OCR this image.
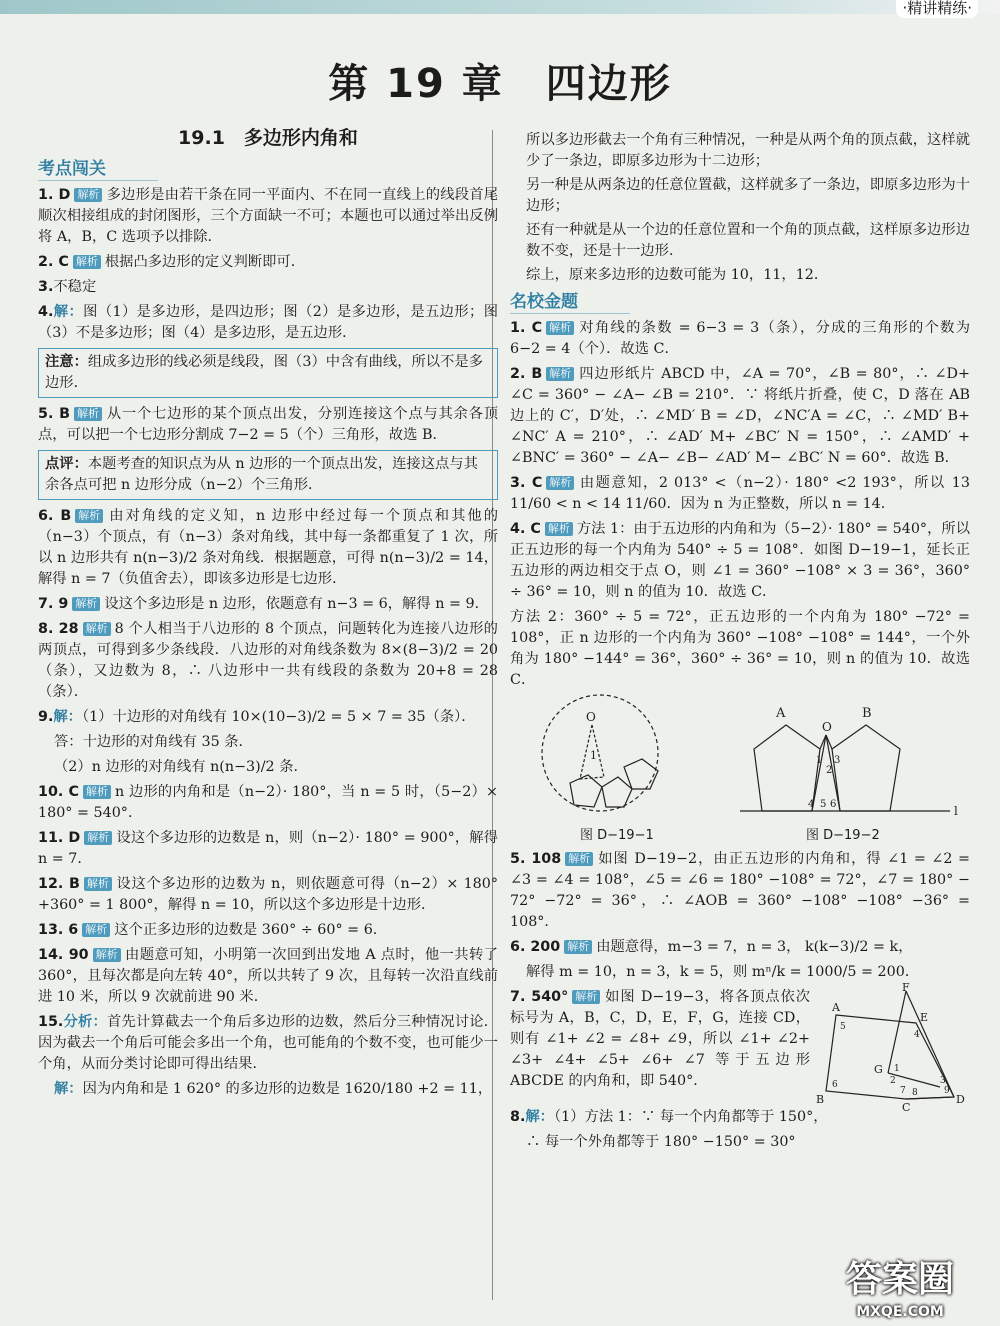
·精讲精练·
第 19 章　四边形
19.1　多边形内角和
考点闯关

1. D 解析 多边形是由若干条在同一平面内、不在同一直线上的线段首尾顺次相接组成的封闭图形，三个方面缺一不可；本题也可以通过举出反例将 A，B，C 选项予以排除．

2. C 解析 根据凸多边形的定义判断即可．

3.不稳定

4.解：图（1）是多边形，是四边形；图（2）是多边形，是五边形；图（3）不是多边形；图（4）是多边形，是五边形．

注意：组成多边形的线必须是线段，图（3）中含有曲线，所以不是多边形．

5. B 解析 从一个七边形的某个顶点出发，分别连接这个点与其余各顶点，可以把一个七边形分割成 7−2 = 5（个）三角形，故选 B．

点评：本题考查的知识点为从 n 边形的一个顶点出发，连接这点与其余各点可把 n 边形分成（n−2）个三角形．

6. B 解析 由对角线的定义知，n 边形中经过每一个顶点和其他的（n−3）个顶点，有（n−3）条对角线，其中每一条都重复了 1 次，所以 n 边形共有 n(n−3)/2 条对角线．根据题意，可得 n(n−3)/2 = 14，解得 n = 7（负值舍去），即该多边形是七边形．

7. 9 解析 设这个多边形是 n 边形，依题意有 n−3 = 6，解得 n = 9．

8. 28 解析 8 个人相当于八边形的 8 个顶点，问题转化为连接八边形的两顶点，可得到多少条线段．八边形的对角线条数为 8×(8−3)/2 = 20（条），又边数为 8，∴ 八边形中一共有线段的条数为 20+8 = 28（条）．

9.解：（1）十边形的对角线有 10×(10−3)/2 = 5 × 7 = 35（条）．

答：十边形的对角线有 35 条．

（2）n 边形的对角线有 n(n−3)/2 条．

10. C 解析 n 边形的内角和是（n−2）· 180°，当 n = 5 时，（5−2）× 180° = 540°．

11. D 解析 设这个多边形的边数是 n，则（n−2）· 180° = 900°，解得 n = 7．

12. B 解析 设这个多边形的边数为 n，则依题意可得（n−2）× 180°+360° = 1 800°，解得 n = 10，所以这个多边形是十边形．

13. 6 解析 这个正多边形的边数是 360° ÷ 60° = 6．

14. 90 解析 由题意可知，小明第一次回到出发地 A 点时，他一共转了 360°，且每次都是向左转 40°，所以共转了 9 次，且每转一次沿直线前进 10 米，所以 9 次就前进 90 米．

15.分析：首先计算截去一个角后多边形的边数，然后分三种情况讨论．因为截去一个角后可能会多出一个角，也可能角的个数不变，也可能少一个角，从而分类讨论即可得出结果．

解：因为内角和是 1 620° 的多边形的边数是 1620/180 +2 = 11，

所以多边形截去一个角有三种情况，一种是从两个角的顶点截，这样就少了一条边，即原多边形为十二边形；

另一种是从两条边的任意位置截，这样就多了一条边，即原多边形为十边形；

还有一种就是从一个边的任意位置和一个角的顶点截，这样原多边形边数不变，还是十一边形．

综上，原来多边形的边数可能为 10，11，12．

名校金题

1. C 解析 对角线的条数 = 6−3 = 3（条），分成的三角形的个数为 6−2 = 4（个）．故选 C．

2. B 解析 四边形纸片 ABCD 中，∠A = 70°，∠B = 80°，∴ ∠D+ ∠C = 360° − ∠A− ∠B = 210°．∵ 将纸片折叠，使 C，D 落在 AB 边上的 C′，D′处，∴ ∠MD′ B = ∠D，∠NC′A = ∠C，∴ ∠MD′ B+ ∠NC′ A = 210°，∴ ∠AD′ M+ ∠BC′ N = 150°，∴ ∠AMD′ + ∠BNC′ = 360° − ∠A− ∠B− ∠AD′ M− ∠BC′ N = 60°．故选 B．

3. C 解析 由题意知，2 013° <（n−2）· 180° <2 193°，所以 13 11/60 < n < 14 11/60．因为 n 为正整数，所以 n = 14．

4. C 解析 方法 1：由于五边形的内角和为（5−2）· 180° = 540°，所以正五边形的每一个内角为 540° ÷ 5 = 108°．如图 D−19−1，延长正五边形的两边相交于点 O，则 ∠1 = 360° −108° × 3 = 36°，360° ÷ 36° = 10，则 n 的值为 10．故选 C．

方法 2：360° ÷ 5 = 72°，正五边形的一个内角为 180° −72° = 108°，正 n 边形的一个内角为 360° −108° −108° = 144°，一个外角为 180° −144° = 36°，360° ÷ 36° = 10，则 n 的值为 10．故选 C．

O
1
A	B
O
1
2
3
4 5 6	l
图 D−19−1	图 D−19−2

5. 108 解析 如图 D−19−2，由正五边形的内角和，得 ∠1 = ∠2 = ∠3 = ∠4 = 108°，∠5 = ∠6 = 180° −108° = 72°，∠7 = 180° − 72° −72° = 36°，∴ ∠AOB = 360° −108° −108° −36° = 108°．

6. 200 解析 由题意得，m−3 = 7，n = 3， k(k−3)/2 = k，

解得 m = 10，n = 3，k = 5，则 mⁿ/k = 1000/5 = 200．

7. 540° 解析 如图 D−19−3，将各顶点依次标号为 A，B，C，D，E，F，G，连接 CD，则有 ∠1+ ∠2 = ∠8+ ∠9，所以 ∠1+ ∠2+ ∠3+ ∠4+ ∠5+ ∠6+ ∠7 等于五边形 ABCDE 的内角和，即 540°．

F
A
E
G
B
C
D
1
2	3
4
5
6
7 8	9

8.解：（1）方法 1：∵ 每一个内角都等于 150°，

∴ 每一个外角都等于 180° −150° = 30°

答案圈
MXQE.COM
